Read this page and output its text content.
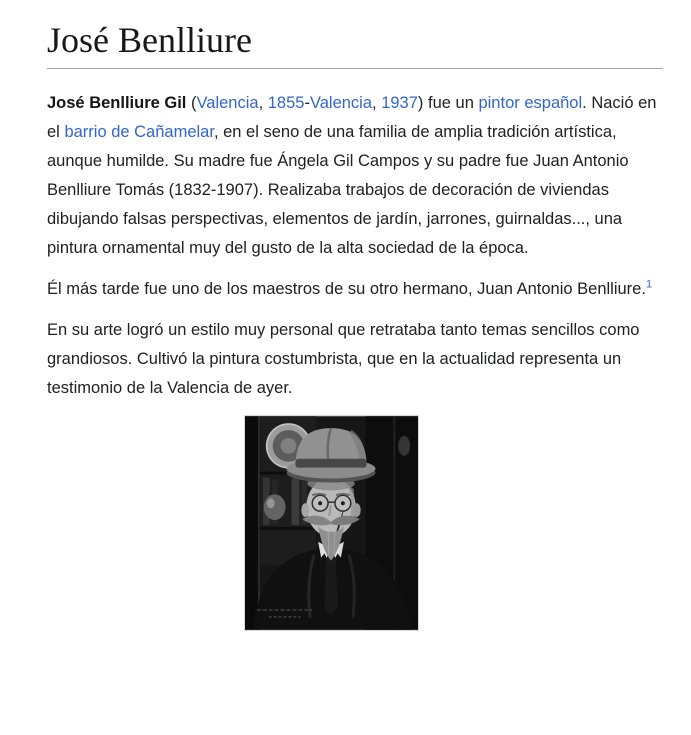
José Benlliure

José Benlliure Gil (Valencia, 1855-Valencia, 1937) fue un pintor español. Nació en el barrio de Cañamelar, en el seno de una familia de amplia tradición artística, aunque humilde. Su madre fue Ángela Gil Campos y su padre fue Juan Antonio Benlliure Tomás (1832-1907). Realizaba trabajos de decoración de viviendas dibujando falsas perspectivas, elementos de jardín, jarrones, guirnaldas..., una pintura ornamental muy del gusto de la alta sociedad de la época.

Él más tarde fue uno de los maestros de su otro hermano, Juan Antonio Benlliure.$^1$

En su arte logró un estilo muy personal que retrataba tanto temas sencillos como grandiosos. Cultivó la pintura costumbrista, que en la actualidad representa un testimonio de la Valencia de ayer.
